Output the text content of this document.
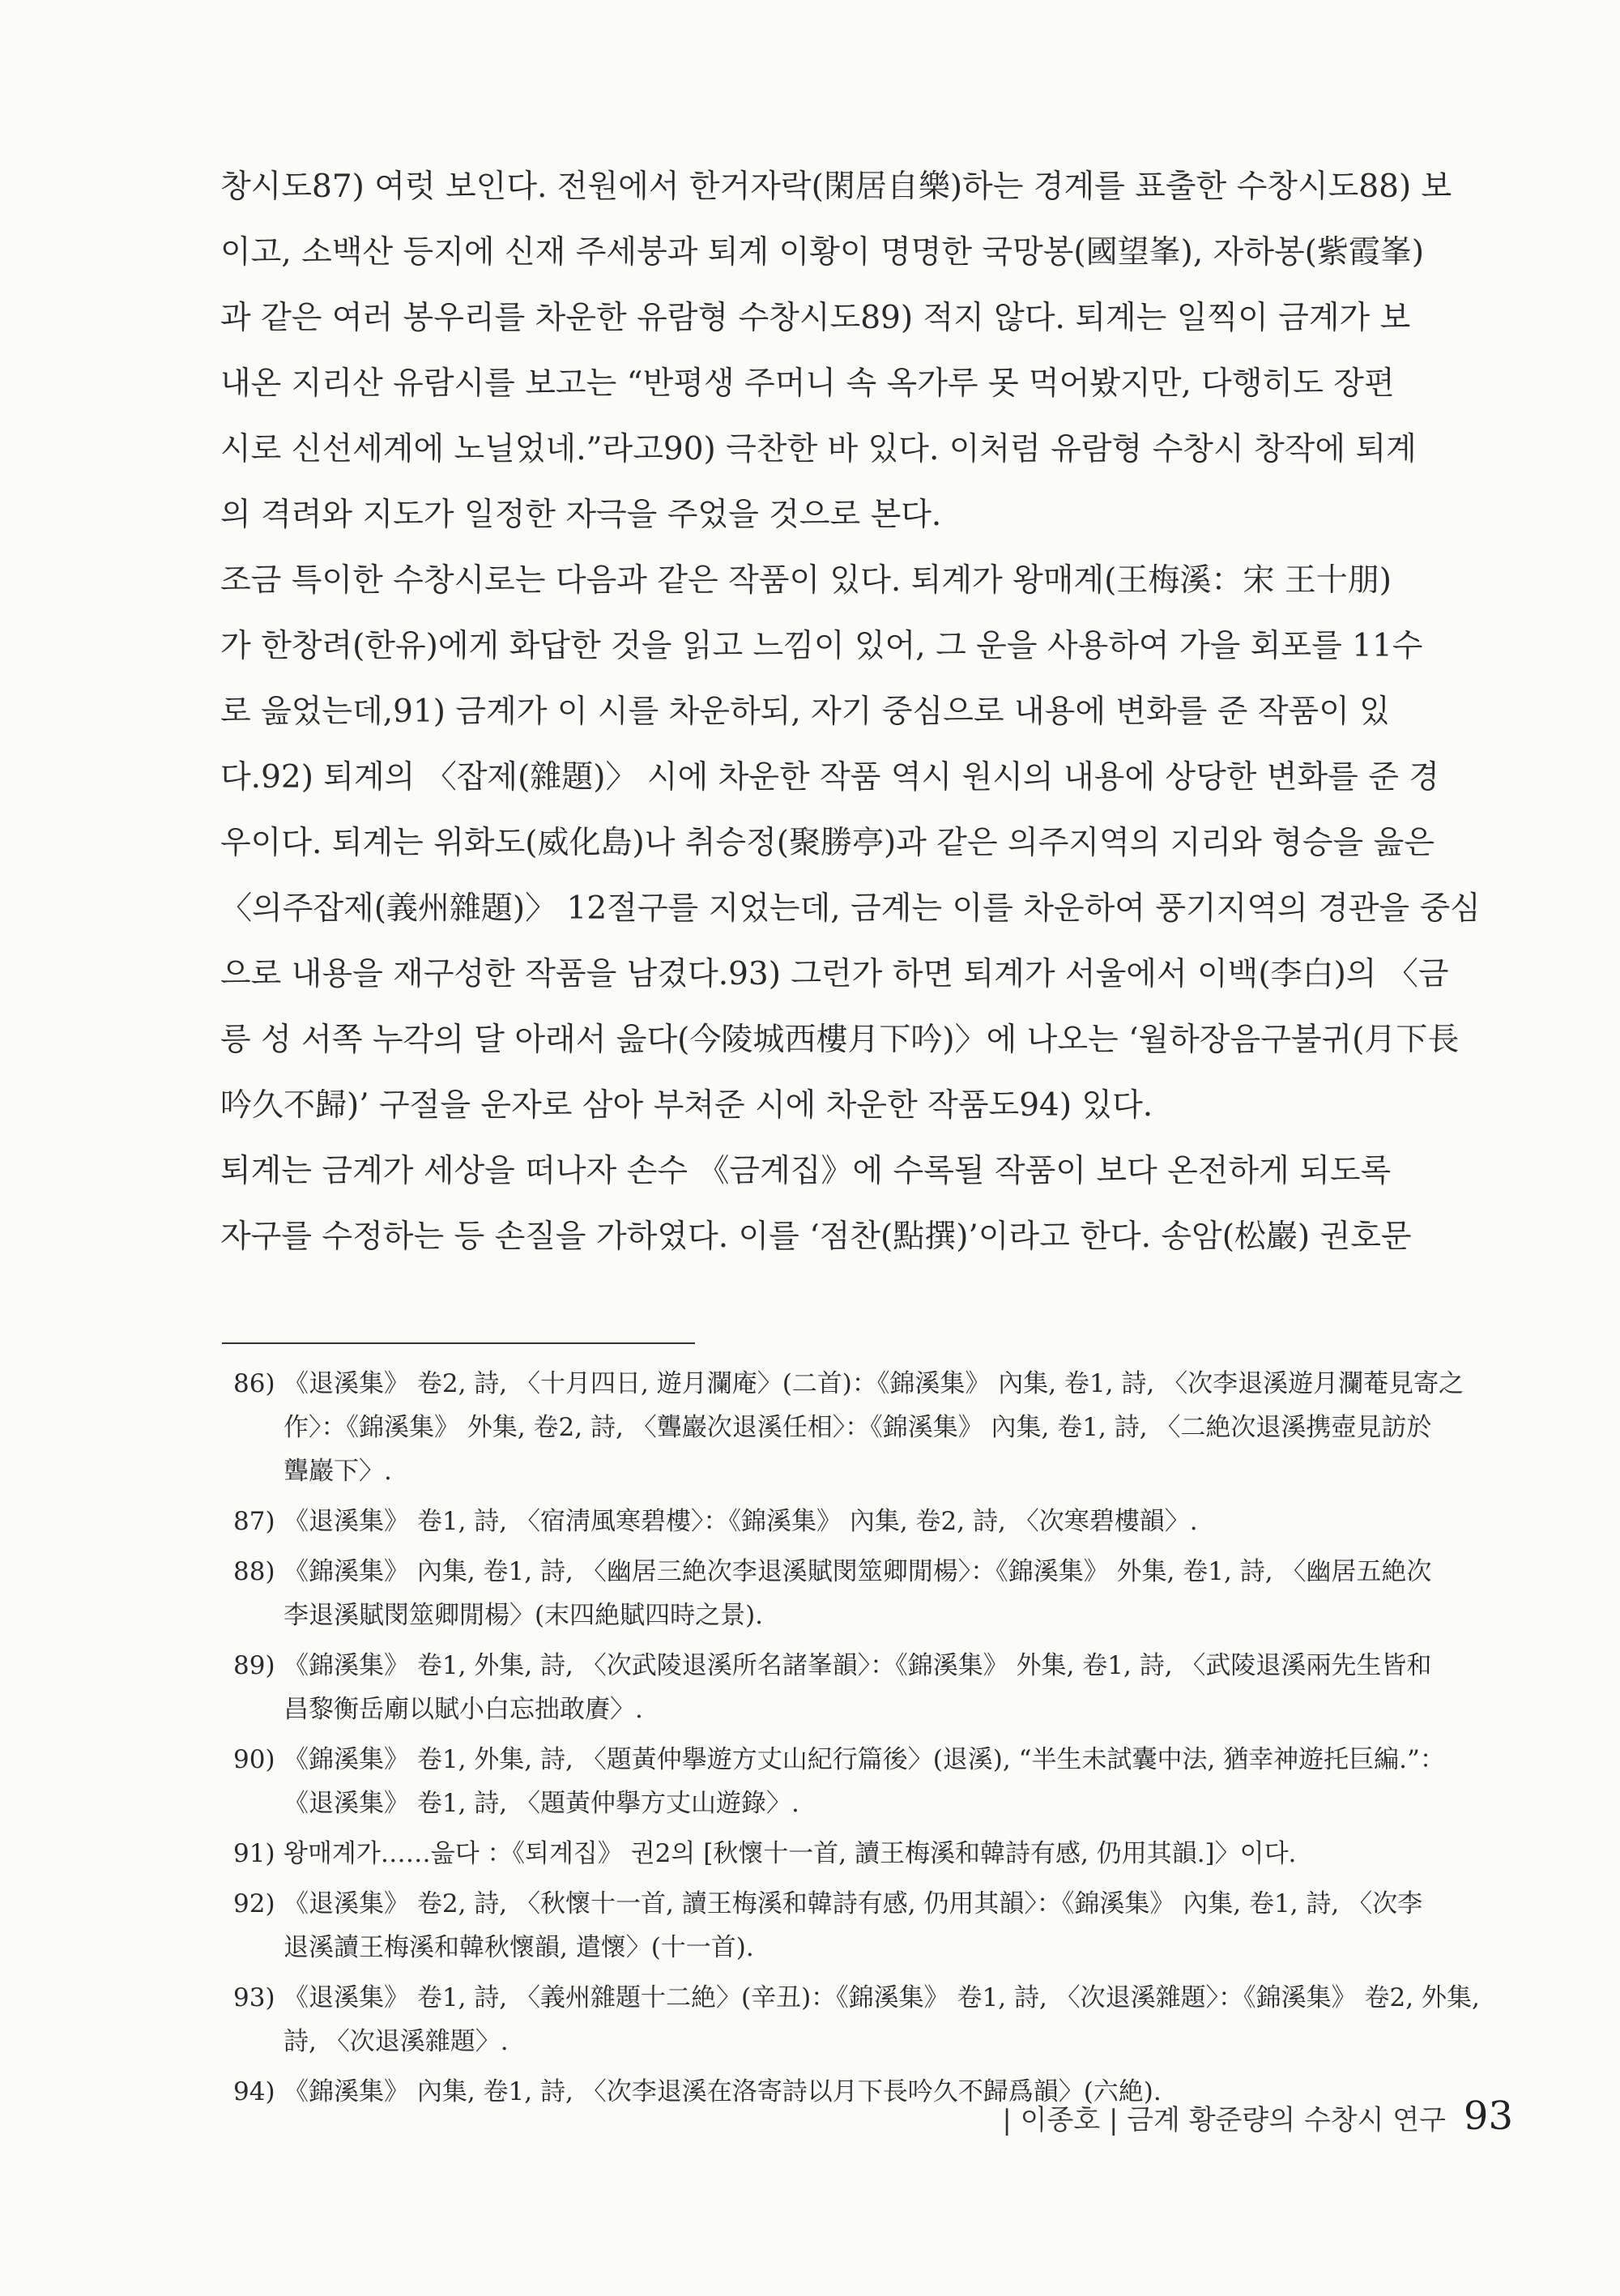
창시도87) 여럿 보인다. 전원에서 한거자락(閑居自樂)하는 경계를 표출한 수창시도88) 보
이고, 소백산 등지에 신재 주세붕과 퇴계 이황이 명명한 국망봉(國望峯), 자하봉(紫霞峯)
과 같은 여러 봉우리를 차운한 유람형 수창시도89) 적지 않다. 퇴계는 일찍이 금계가 보
내온 지리산 유람시를 보고는 “반평생 주머니 속 옥가루 못 먹어봤지만, 다행히도 장편
시로 신선세계에 노닐었네.”라고90) 극찬한 바 있다. 이처럼 유람형 수창시 창작에 퇴계
의 격려와 지도가 일정한 자극을 주었을 것으로 본다.
조금 특이한 수창시로는 다음과 같은 작품이 있다. 퇴계가 왕매계(王梅溪：宋 王十朋)
가 한창려(한유)에게 화답한 것을 읽고 느낌이 있어, 그 운을 사용하여 가을 회포를 11수
로 읊었는데,91) 금계가 이 시를 차운하되, 자기 중심으로 내용에 변화를 준 작품이 있
다.92) 퇴계의 〈잡제(雜題)〉 시에 차운한 작품 역시 원시의 내용에 상당한 변화를 준 경
우이다. 퇴계는 위화도(威化島)나 취승정(聚勝亭)과 같은 의주지역의 지리와 형승을 읊은
〈의주잡제(義州雜題)〉 12절구를 지었는데, 금계는 이를 차운하여 풍기지역의 경관을 중심
으로 내용을 재구성한 작품을 남겼다.93) 그런가 하면 퇴계가 서울에서 이백(李白)의 〈금
릉 성 서쪽 누각의 달 아래서 읊다(今陵城西樓月下吟)〉에 나오는 ‘월하장음구불귀(月下長
吟久不歸)’ 구절을 운자로 삼아 부쳐준 시에 차운한 작품도94) 있다.
퇴계는 금계가 세상을 떠나자 손수 《금계집》에 수록될 작품이 보다 온전하게 되도록
자구를 수정하는 등 손질을 가하였다. 이를 ‘점찬(點撰)’이라고 한다. 송암(松巖) 권호문
86) 《退溪集》 卷2, 詩, 〈十月四日, 遊月瀾庵〉(二首)：《錦溪集》 內集, 卷1, 詩, 〈次李退溪遊月瀾菴見寄之
作〉：《錦溪集》 外集, 卷2, 詩, 〈聾巖次退溪任相〉：《錦溪集》 內集, 卷1, 詩, 〈二絶次退溪携壺見訪於
聾巖下〉.
87) 《退溪集》 卷1, 詩, 〈宿淸風寒碧樓〉：《錦溪集》 內集, 卷2, 詩, 〈次寒碧樓韻〉.
88) 《錦溪集》 內集, 卷1, 詩, 〈幽居三絶次李退溪賦閔筮卿閒楊〉：《錦溪集》 外集, 卷1, 詩, 〈幽居五絶次
李退溪賦閔筮卿閒楊〉(末四絶賦四時之景).
89) 《錦溪集》 卷1, 外集, 詩, 〈次武陵退溪所名諸峯韻〉：《錦溪集》 外集, 卷1, 詩, 〈武陵退溪兩先生皆和
昌黎衡岳廟以賦小白忘拙敢賡〉.
90) 《錦溪集》 卷1, 外集, 詩, 〈題黃仲擧遊方丈山紀行篇後〉(退溪), “半生未試囊中法, 猶幸神遊托巨編.”：
《退溪集》 卷1, 詩, 〈題黃仲擧方丈山遊錄〉.
91) 왕매계가……읊다 ：《퇴계집》 권2의 [秋懷十一首, 讀王梅溪和韓詩有感, 仍用其韻.]〉이다.
92) 《退溪集》 卷2, 詩, 〈秋懷十一首, 讀王梅溪和韓詩有感, 仍用其韻〉：《錦溪集》 內集, 卷1, 詩, 〈次李
退溪讀王梅溪和韓秋懷韻, 遣懷〉(十一首).
93) 《退溪集》 卷1, 詩, 〈義州雜題十二絶〉(辛丑)：《錦溪集》 卷1, 詩, 〈次退溪雜題〉：《錦溪集》 卷2, 外集,
詩, 〈次退溪雜題〉.
94) 《錦溪集》 內集, 卷1, 詩, 〈次李退溪在洛寄詩以月下長吟久不歸爲韻〉(六絶).
| 이종호 | 금계 황준량의 수창시 연구 93
